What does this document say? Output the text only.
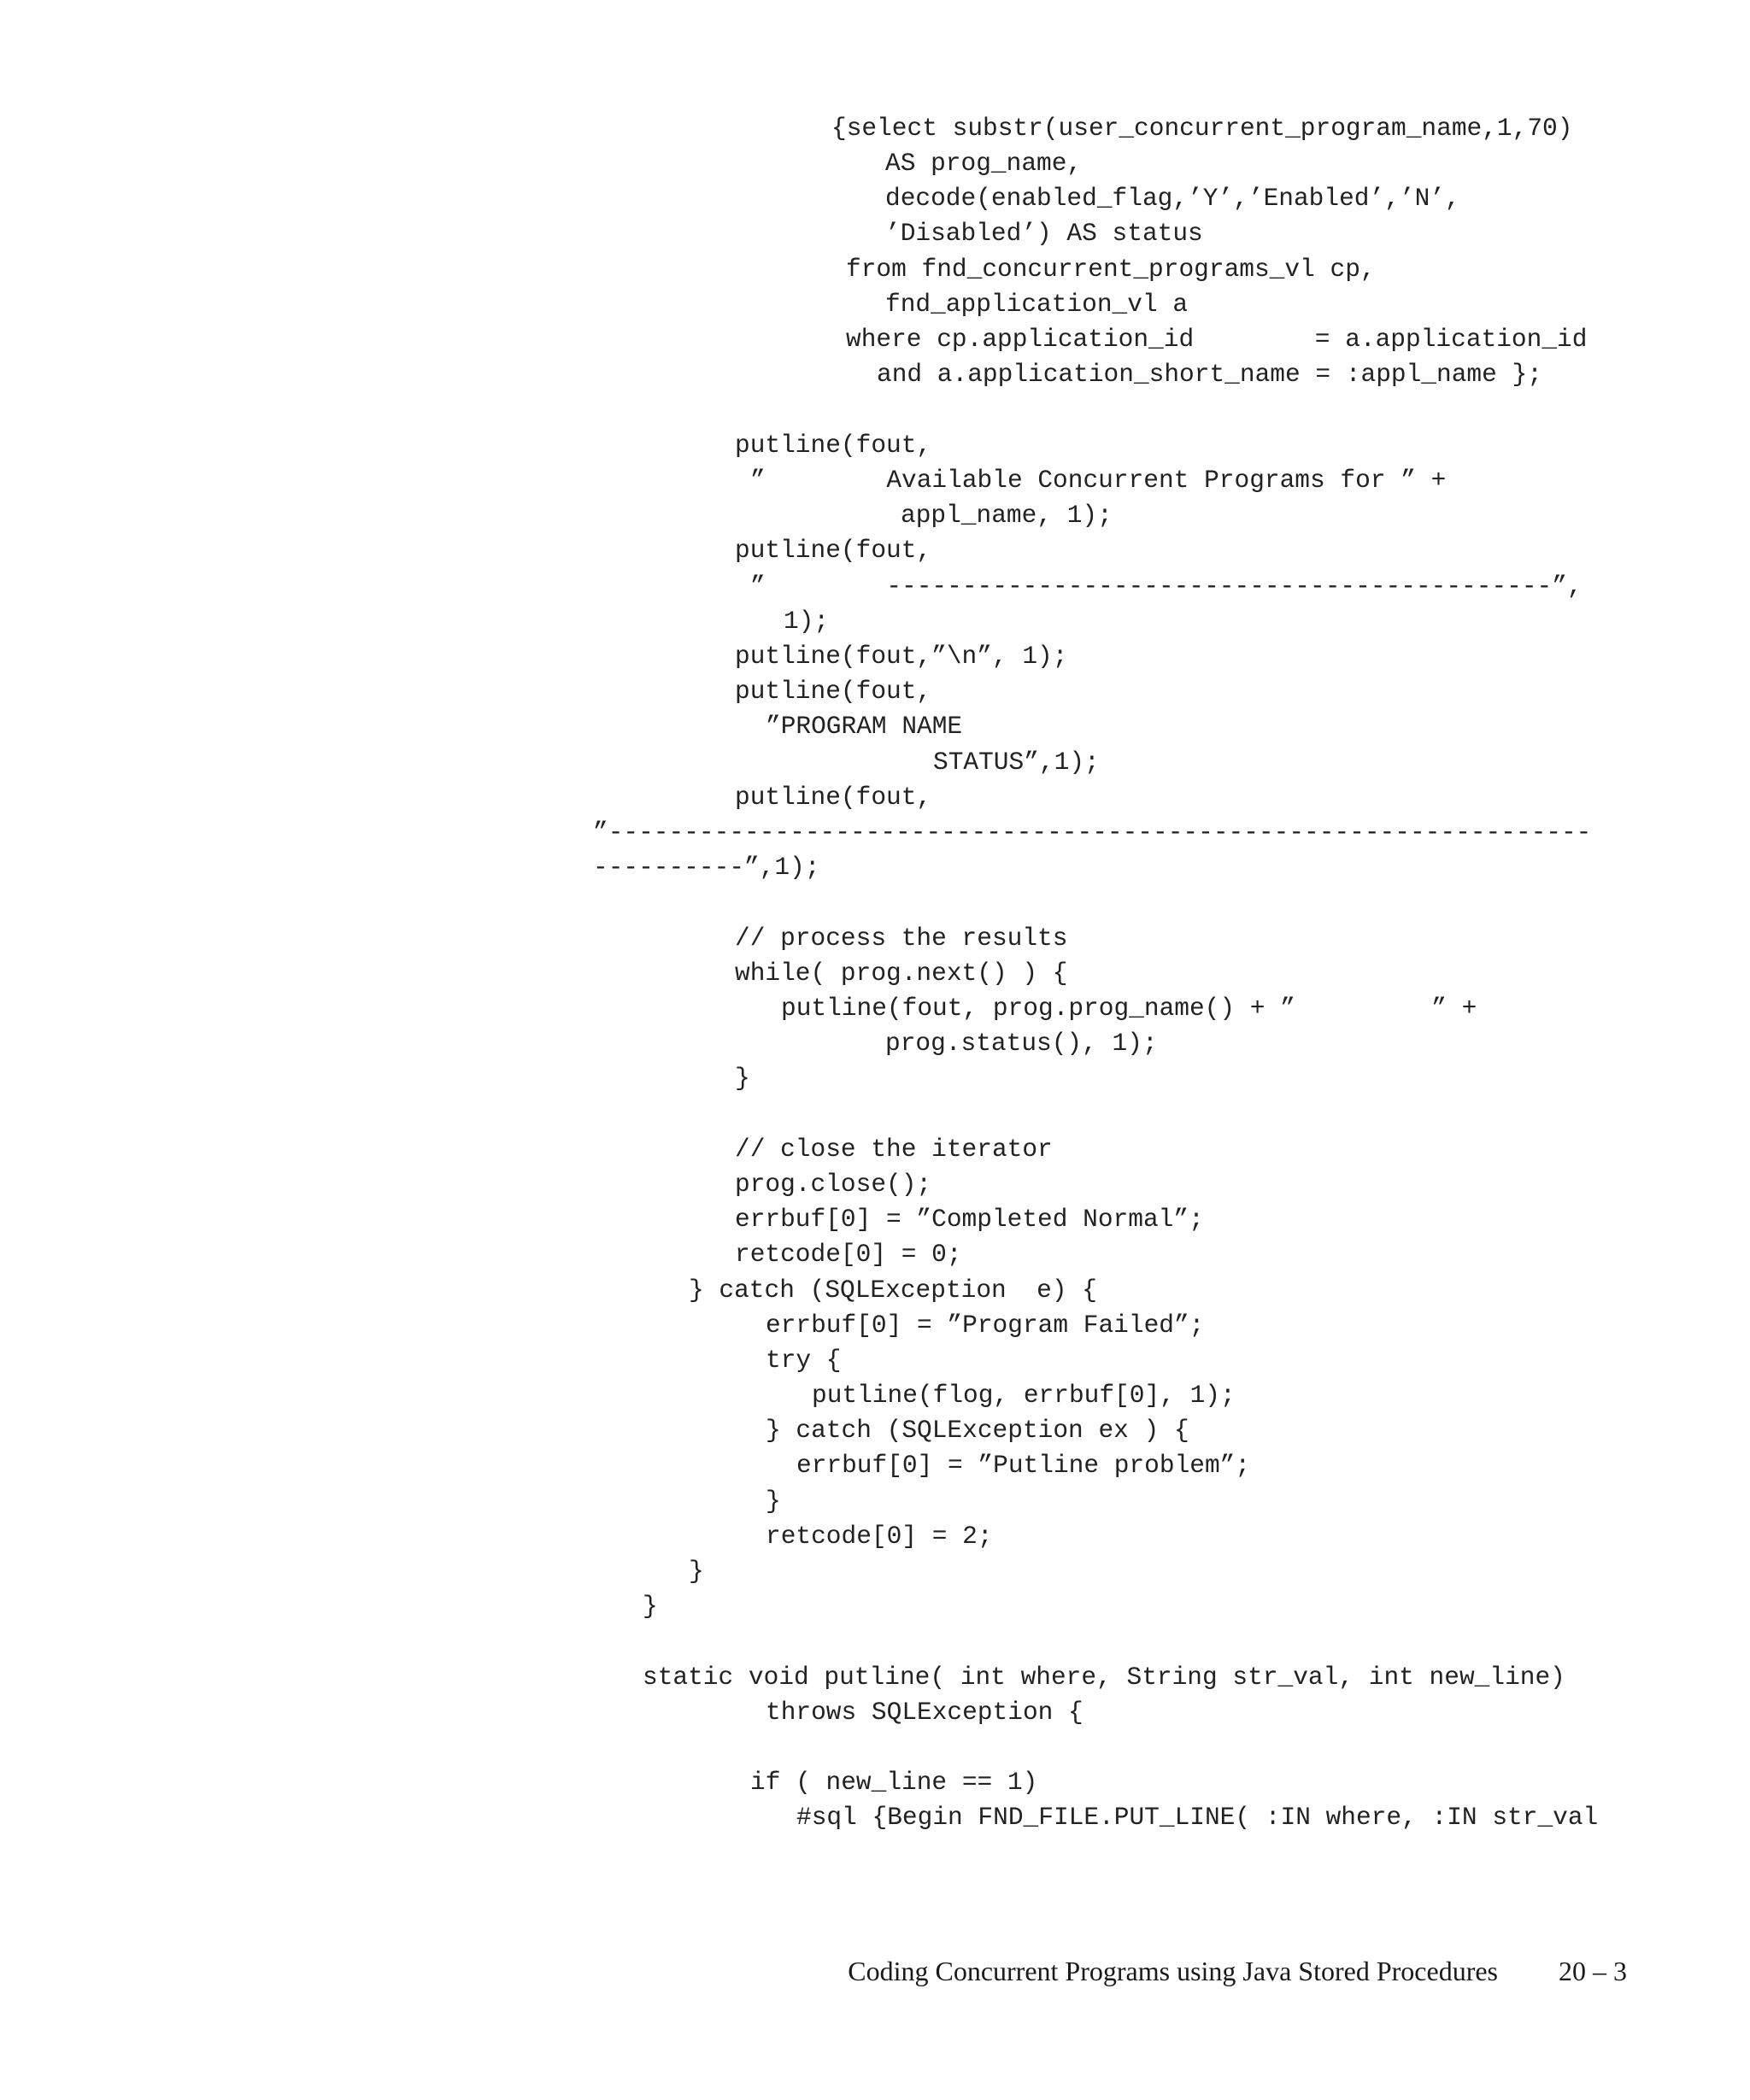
{select substr(user_concurrent_program_name,1,70)
AS prog_name,
decode(enabled_flag,’Y’,’Enabled’,’N’,
’Disabled’) AS status
from fnd_concurrent_programs_vl cp,
fnd_application_vl a
where cp.application_id        = a.application_id
and a.application_short_name = :appl_name };
putline(fout,
”        Available Concurrent Programs for ” +
appl_name, 1);
putline(fout,
”        --------------------------------------------”,
1);
putline(fout,”\n”, 1);
putline(fout,
”PROGRAM NAME
STATUS”,1);
putline(fout,
”-----------------------------------------------------------------
----------”,1);
// process the results
while( prog.next() ) {
putline(fout, prog.prog_name() + ”         ” +
prog.status(), 1);
}
// close the iterator
prog.close();
errbuf[0] = ”Completed Normal”;
retcode[0] = 0;
} catch (SQLException  e) {
errbuf[0] = ”Program Failed”;
try {
putline(flog, errbuf[0], 1);
} catch (SQLException ex ) {
errbuf[0] = ”Putline problem”;
}
retcode[0] = 2;
}
}
static void putline( int where, String str_val, int new_line)
throws SQLException {
if ( new_line == 1)
#sql {Begin FND_FILE.PUT_LINE( :IN where, :IN str_val
Coding Concurrent Programs using Java Stored Procedures 20 – 3
